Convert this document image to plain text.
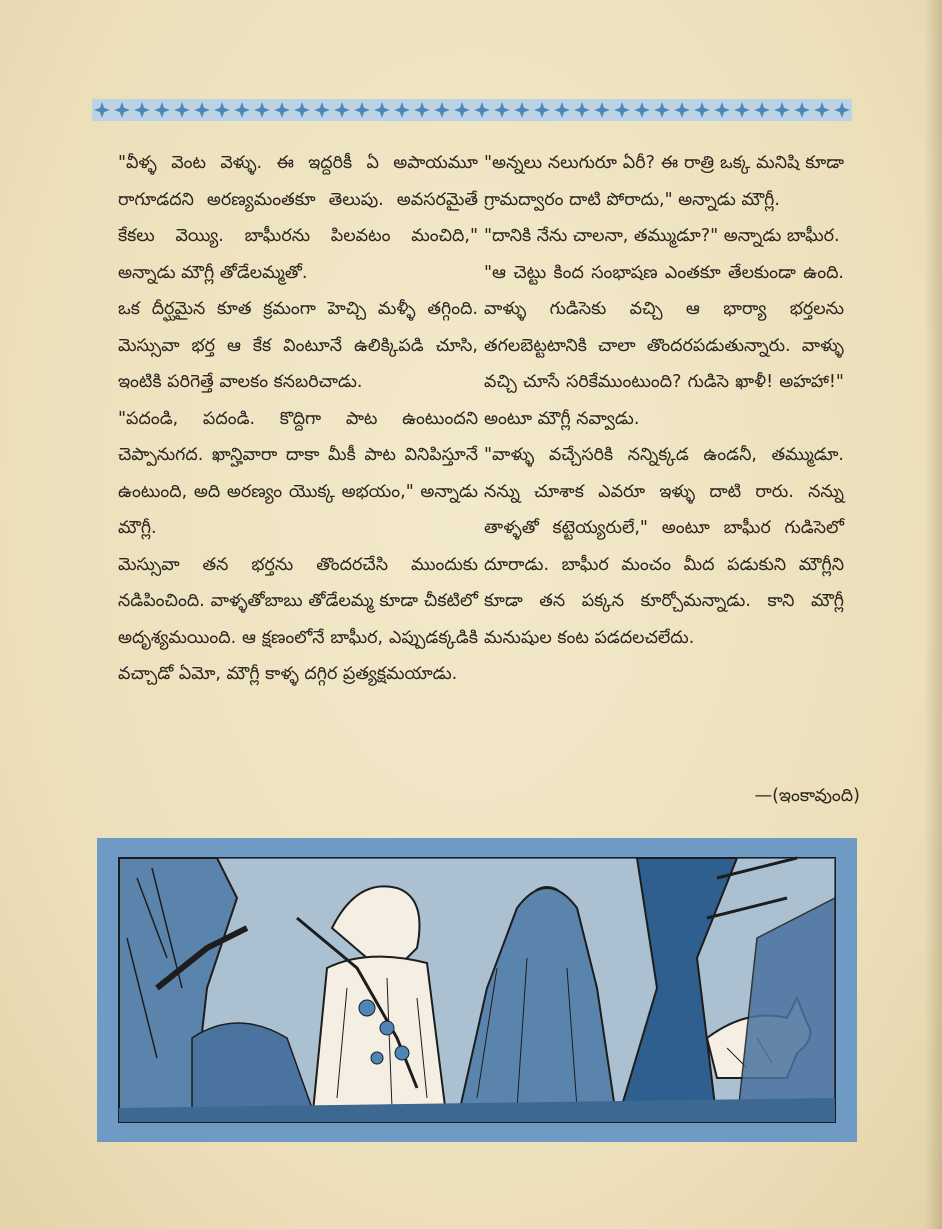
"వీళ్ళ వెంట వెళ్ళు. ఈ ఇద్దరికీ ఏ అపాయమూ రాగూడదని అరణ్యమంతకూ తెలుపు. అవసరమైతే కేకలు వెయ్యి. బాఘీరను పిలవటం మంచిది," అన్నాడు మౌగ్లీ తోడేలమ్మతో.

ఒక దీర్ఘమైన కూత క్రమంగా హెచ్చి మళ్ళీ తగ్గింది. మెస్సువా భర్త ఆ కేక వింటూనే ఉలిక్కిపడి చూసి, ఇంటికి పరిగెత్తే వాలకం కనబరిచాడు.

"పదండి, పదండి. కొద్దిగా పాట ఉంటుందని చెప్పానుగద. ఖాన్హివారా దాకా మీకీ పాట వినిపిస్తూనే ఉంటుంది, అది అరణ్యం యొక్క అభయం," అన్నాడు మౌగ్లీ.

మెస్సువా తన భర్తను తొందరచేసి ముందుకు నడిపించింది. వాళ్ళతోబాబు తోడేలమ్మ కూడా చీకటిలో అదృశ్యమయింది. ఆ క్షణంలోనే బాఘీర, ఎప్పుడక్కడికి వచ్చాడో ఏమో, మౌగ్లీ కాళ్ళ దగ్గిర ప్రత్యక్షమయాడు.

"అన్నలు నలుగురూ ఏరీ? ఈ రాత్రి ఒక్క మనిషి కూడా గ్రామద్వారం దాటి పోరాదు," అన్నాడు మౌగ్లీ.

"దానికి నేను చాలనా, తమ్ముడూ?" అన్నాడు బాఘీర.

"ఆ చెట్టు కింద సంభాషణ ఎంతకూ తేలకుండా ఉంది. వాళ్ళు గుడిసెకు వచ్చి ఆ భార్యా భర్తలను తగలబెట్టటానికి చాలా తొందరపడుతున్నారు. వాళ్ళు వచ్చి చూసే సరికేముంటుంది? గుడిసె ఖాళీ! అహహా!" అంటూ మౌగ్లీ నవ్వాడు.

"వాళ్ళు వచ్చేసరికి నన్నిక్కడ ఉండనీ, తమ్ముడూ. నన్ను చూశాక ఎవరూ ఇళ్ళు దాటి రారు. నన్ను తాళ్ళతో కట్టెయ్యరులే," అంటూ బాఘీర గుడిసెలో దూరాడు. బాఘీర మంచం మీద పడుకుని మౌగ్లీని కూడా తన పక్కన కూర్చోమన్నాడు. కాని మౌగ్లీ మనుషుల కంట పడదలచలేదు.

—(ఇంకావుంది)
